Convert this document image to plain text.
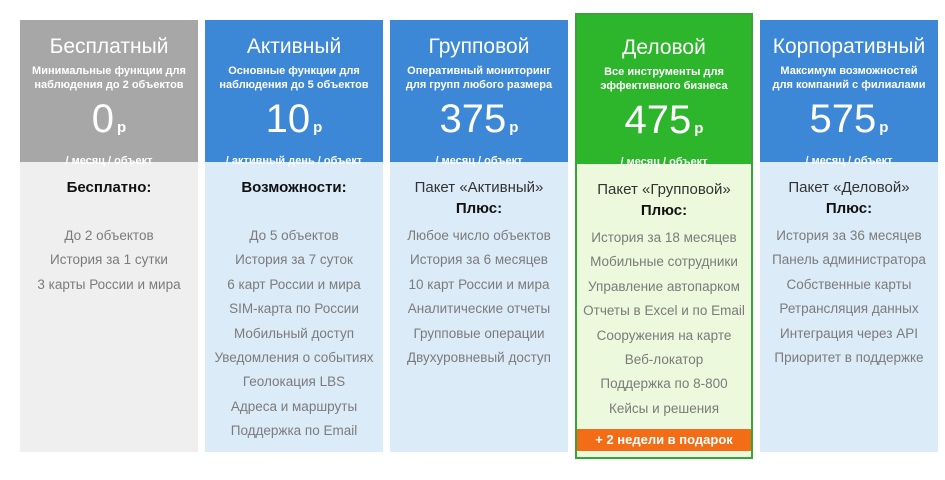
Бесплатный
Минимальные функции для наблюдения до 2 объектов
0 р
/ месяц / объект
Бесплатно:
До 2 объектов
История за 1 сутки
3 карты России и мира
Активный
Основные функции для наблюдения до 5 объектов
10 р
/ активный день / объект
Возможности:
До 5 объектов
История за 7 суток
6 карт России и мира
SIM-карта по России
Мобильный доступ
Уведомления о событиях
Геолокация LBS
Адреса и маршруты
Поддержка по Email
Групповой
Оперативный мониторинг для групп любого размера
375 р
/ месяц / объект
Пакет «Активный»
Плюс:
Любое число объектов
История за 6 месяцев
10 карт России и мира
Аналитические отчеты
Групповые операции
Двухуровневый доступ
Деловой
Все инструменты для эффективного бизнеса
475 р
/ месяц / объект
Пакет «Групповой»
Плюс:
История за 18 месяцев
Мобильные сотрудники
Управление автопарком
Отчеты в Excel и по Email
Сооружения на карте
Веб-локатор
Поддержка по 8-800
Кейсы и решения
+ 2 недели в подарок
Корпоративный
Максимум возможностей для компаний с филиалами
575 р
/ месяц / объект
Пакет «Деловой»
Плюс:
История за 36 месяцев
Панель администратора
Собственные карты
Ретрансляция данных
Интеграция через API
Приоритет в поддержке
